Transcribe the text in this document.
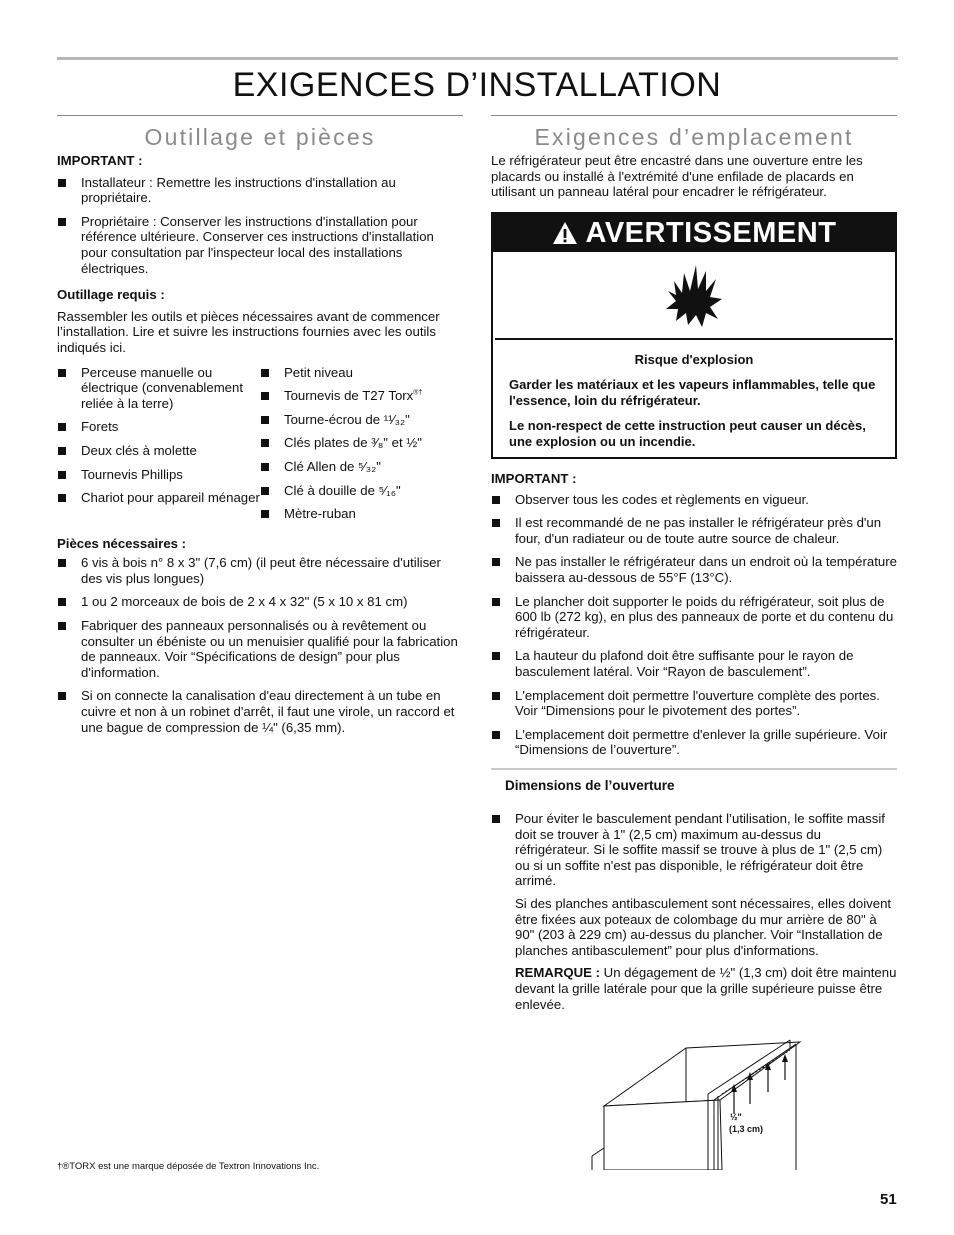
EXIGENCES D’INSTALLATION
Outillage et pièces
IMPORTANT :
Installateur : Remettre les instructions d'installation au propriétaire.
Propriétaire : Conserver les instructions d'installation pour référence ultérieure. Conserver ces instructions d'installation pour consultation par l'inspecteur local des installations électriques.
Outillage requis :

Rassembler les outils et pièces nécessaires avant de commencer l’installation. Lire et suivre les instructions fournies avec les outils indiqués ici.

Perceuse manuelle ou électrique (convenablement reliée à la terre)
Forets
Deux clés à molette
Tournevis Phillips
Chariot pour appareil ménager
Petit niveau
Tournevis de T27 Torx®†
Tourne-écrou de ¹¹⁄₃₂"
Clés plates de ³⁄₈" et ½"
Clé Allen de ⁵⁄₃₂"
Clé à douille de ⁵⁄₁₆"
Mètre-ruban
Pièces nécessaires :
6 vis à bois n° 8 x 3" (7,6 cm) (il peut être nécessaire d'utiliser des vis plus longues)
1 ou 2 morceaux de bois de 2 x 4 x 32" (5 x 10 x 81 cm)
Fabriquer des panneaux personnalisés ou à revêtement ou consulter un ébéniste ou un menuisier qualifié pour la fabrication de panneaux. Voir “Spécifications de design” pour plus d'information.
Si on connecte la canalisation d'eau directement à un tube en cuivre et non à un robinet d'arrêt, il faut une virole, un raccord et une bague de compression de ¼" (6,35 mm).
Exigences d’emplacement

Le réfrigérateur peut être encastré dans une ouverture entre les placards ou installé à l'extrémité d'une enfilade de placards en utilisant un panneau latéral pour encadrer le réfrigérateur.

AVERTISSEMENT
Risque d'explosion

Garder les matériaux et les vapeurs inflammables, telle que l'essence, loin du réfrigérateur.

Le non-respect de cette instruction peut causer un décès, une explosion ou un incendie.

IMPORTANT :
Observer tous les codes et règlements en vigueur.
Il est recommandé de ne pas installer le réfrigérateur près d'un four, d'un radiateur ou de toute autre source de chaleur.
Ne pas installer le réfrigérateur dans un endroit où la température baissera au-dessous de 55°F (13°C).
Le plancher doit supporter le poids du réfrigérateur, soit plus de 600 lb (272 kg), en plus des panneaux de porte et du contenu du réfrigérateur.
La hauteur du plafond doit être suffisante pour le rayon de basculement latéral. Voir “Rayon de basculement”.
L'emplacement doit permettre l'ouverture complète des portes. Voir “Dimensions pour le pivotement des portes”.
L'emplacement doit permettre d'enlever la grille supérieure. Voir “Dimensions de l’ouverture”.
Dimensions de l’ouverture
Pour éviter le basculement pendant l’utilisation, le soffite massif doit se trouver à 1" (2,5 cm) maximum au-dessus du réfrigérateur. Si le soffite massif se trouve à plus de 1" (2,5 cm) ou si un soffite n'est pas disponible, le réfrigérateur doit être arrimé.

Si des planches antibasculement sont nécessaires, elles doivent être fixées aux poteaux de colombage du mur arrière de 80" à 90" (203 à 229 cm) au-dessus du plancher. Voir “Installation de planches antibasculement” pour plus d'informations.

REMARQUE : Un dégagement de ½" (1,3 cm) doit être maintenu devant la grille latérale pour que la grille supérieure puisse être enlevée.

½"
(1,3 cm)
†®TORX est une marque déposée de Textron Innovations Inc.
51
